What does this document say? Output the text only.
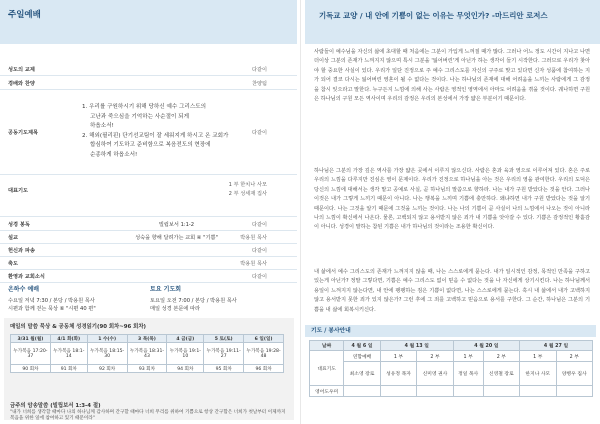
주일예배
성도의 교제	다같이
경배와 찬양	찬양팀
공동기도제목
1. 우리를 구원하시기 위해 당하신 예수 그리스도의
고난과 죽으심을 기억하는 사순절이 되게
하옵소서!
2. 해외(필리핀) 단기선교팀이 잘 세워지게 하시고 온 교회가
합심하여 기도하고 준비함으로 복음전도의 현장에
순종하게 하옵소서!
다같이
대표기도
1 부 한치나 사모
2 부 성세재 집사
성경 봉독	빌립보서 1:1-2	다같이
설교	성숙을 향해 달려가는 교회 ④ "기쁨"	박용원 목사
헌신과 파송	다같이
축도	박용원 목사
환영과 교회소식	다같이
온하수 예배
수요일 저녁 7:30 / 본당 / 박용원 목사
시편과 함께 걷는 묵상 ⑥ "시편 40 편"
토요 기도회
토요일 오전 7:00 / 본당 / 박용원 목사
매일 성경 본문에 따라
매일의 말씀 묵상 & 공동체 성경읽기(90 회차~96 회차)
3/31 월(월)	4/1 화(화)	1 수(수)	3 목(목)	4 금(금)	5 토(토)	6 일(일)
누가복음 17:20-37	누가복음 18:1-14	누가복음 18:15-30	누가복음 18:31-43	누가복음 19:1-10	누가복음 19:11-27	누가복음 19:28-48
90 회차	91 회차	92 회차	93 회차	94 회차	95 회차	96 회차
금주의 암송말씀 (빌립보서 1:3-4 절)
"내가 너희를 생각할 때마다 나의 하나님께 감사하며 간구할 때마다 너희 무리를 위하여 기쁨으로 항상 간구함은 너희가 첫날부터 이제까지 복음을 위한 일에 참여하고 있기 때문이라"
기독교 교양 / 내 안에 기쁨이 없는 이유는 무엇인가? -마드리안 로저스
사람들이 예수님을 자신의 삶에 초대할 때 처음에는 그분이 가입게 느껴질 때가 많다. 그러나 어느 정도 시간이 지나고 나면 더이상 그분의 존재가 느껴지지 않으며 특시 그분을 '잃어버린'게 아닌가 하는 생각이 들기 시작한다. 그러므로 우리가 찾아야 할 중요한 사실이 있다. 우리가 일단 진정으로 주 예수 그리스도를 자신의 구주로 맞고 있다면 신자 성품에 참여하는 지가 되어 결코 다시는 잃어버린 영혼이 될 수 없다는 것이다. 나는 하나님의 존재에 대해 어려움을 느끼는 사람에게 그 감정을 참시 잊으라고 말한다. 누구든지 느낌에 의해 사는 사람은 영적인 영역에서 아마도 어려움을 겪을 것이다. 궤나하면 구원은 하나님의 구원 모든 역사이며 우리의 감정은 우리의 본성에서 가장 얇은 부분이기 때문이다.
하나님은 그분의 가장 깊은 역사를 가장 얇은 곳에서 이루지 않으신다. 사람은 혼과 육과 영으로 이루어져 있다. 혼은 주로 우리의 느낌을 다루지만 진심은 영이 문제이다. 우리가 진정으로 하나님을 아는 것은 우리의 영을 관여한다. 우리의 도덕은 당신의 느낌에 대해서는 생각 맡고 공예로 사실, 곧 하나님의 말씀으로 향하라. 나는 내가 구원 받았다는 것을 안다. 그러나 이것은 내가 그렇게 느끼기 때문이 아니다. 나는 행복을 느끼며 기쁨에 충만하다. 왜냐하면 내가 구원 받았다는 것을 알기 때문이다. 나는 그것을 알기 때문에 그것을 느끼는 것이다. 나는 나의 기쁨이 곧 사실이 나의 느낌에서 나오는 것이 아니라 나의 느낌이 확신에서 나온다. 물론, 고백되지 않고 용서받지 않은 죄가 내 기쁨을 앗아갈 수 있다. 기쁨은 감정적인 황홀감이 아니다. 성경이 말하는 참된 기쁨은 내가 하나님의 것이라는 조용한 확신이다.
내 삶에서 예수 그리스도의 존재가 느껴지지 않을 때, 나는 스스로에게 묻는다. 내가 일시적인 감정, 목적인 만족을 구하고 있는게 아닌가? 정말 그렇다면, 기쁨은 예수 그리스도 없이 믿음 수 없다는 것을 나 자신에게 상기시킨다. 나는 하나님께서 용일이 느껴지지 않는다면, 내 안에 팽팽하는 짐은 기쁨이 없다면, 나는 스스로에게 묻는다. 혹시 내 삶에서 내가 고백하지 않고 용서받지 못한 죄가 있지 않은가? 그런 후에 그 죄를 고백하고 믿음으로 용서를 구한다. 그 순간, 하나님은 그분의 기쁨을 내 삶에 회복시키신다.
기도 / 봉사안내
날짜	4 월 6 일	4 월 13 일		4 월 20 일		4 월 27 일	
대표기도	연합예배	1 부	2 부	1 부	2 부	1 부	2 부
	최소영 장로	성유정 목자	신미영 권사	정일 목사	신영철 장로	한지나 사모	양병우 집사
영어도우미							
